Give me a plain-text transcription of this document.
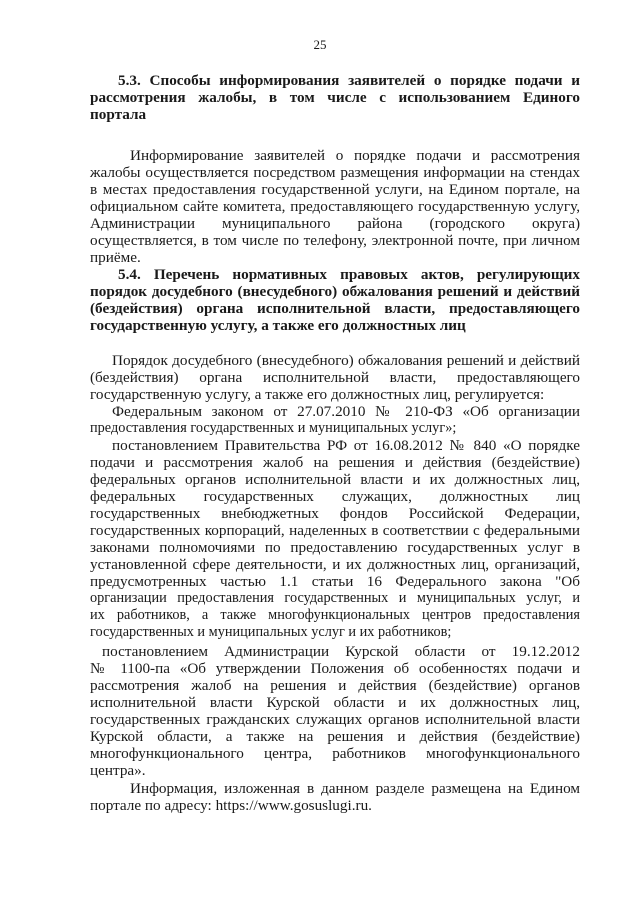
25
5.3. Способы информирования заявителей о порядке подачи и
рассмотрения жалобы, в том числе с использованием Единого
портала
Информирование заявителей о порядке подачи и рассмотрения
жалобы осуществляется посредством размещения информации на стендах
в местах предоставления государственной услуги, на Едином портале, на
официальном сайте комитета, предоставляющего государственную услугу,
Администрации муниципального района (городского округа)
осуществляется, в том числе по телефону, электронной почте, при личном
приёме.
5.4. Перечень нормативных правовых актов, регулирующих
порядок досудебного (внесудебного) обжалования решений и действий
(бездействия) органа исполнительной власти, предоставляющего
государственную услугу, а также его должностных лиц
Порядок досудебного (внесудебного) обжалования решений и действий
(бездействия) органа исполнительной власти, предоставляющего
государственную услугу, а также его должностных лиц, регулируется:
Федеральным законом от 27.07.2010 № 210-ФЗ «Об организации
предоставления государственных и муниципальных услуг»;
постановлением Правительства РФ от 16.08.2012 № 840 «О порядке
подачи и рассмотрения жалоб на решения и действия (бездействие)
федеральных органов исполнительной власти и их должностных лиц,
федеральных государственных служащих, должностных лиц
государственных внебюджетных фондов Российской Федерации,
государственных корпораций, наделенных в соответствии с федеральными
законами полномочиями по предоставлению государственных услуг в
установленной сфере деятельности, и их должностных лиц, организаций,
предусмотренных частью 1.1 статьи 16 Федерального закона "Об
организации предоставления государственных и муниципальных услуг, и
их работников, а также многофункциональных центров предоставления
государственных и муниципальных услуг и их работников;
постановлением Администрации Курской области от 19.12.2012
№ 1100-па «Об утверждении Положения об особенностях подачи и
рассмотрения жалоб на решения и действия (бездействие) органов
исполнительной власти Курской области и их должностных лиц,
государственных гражданских служащих органов исполнительной власти
Курской области, а также на решения и действия (бездействие)
многофункционального центра, работников многофункционального
центра».
Информация, изложенная в данном разделе размещена на Едином
портале по адресу: https://www.gosuslugi.ru.
